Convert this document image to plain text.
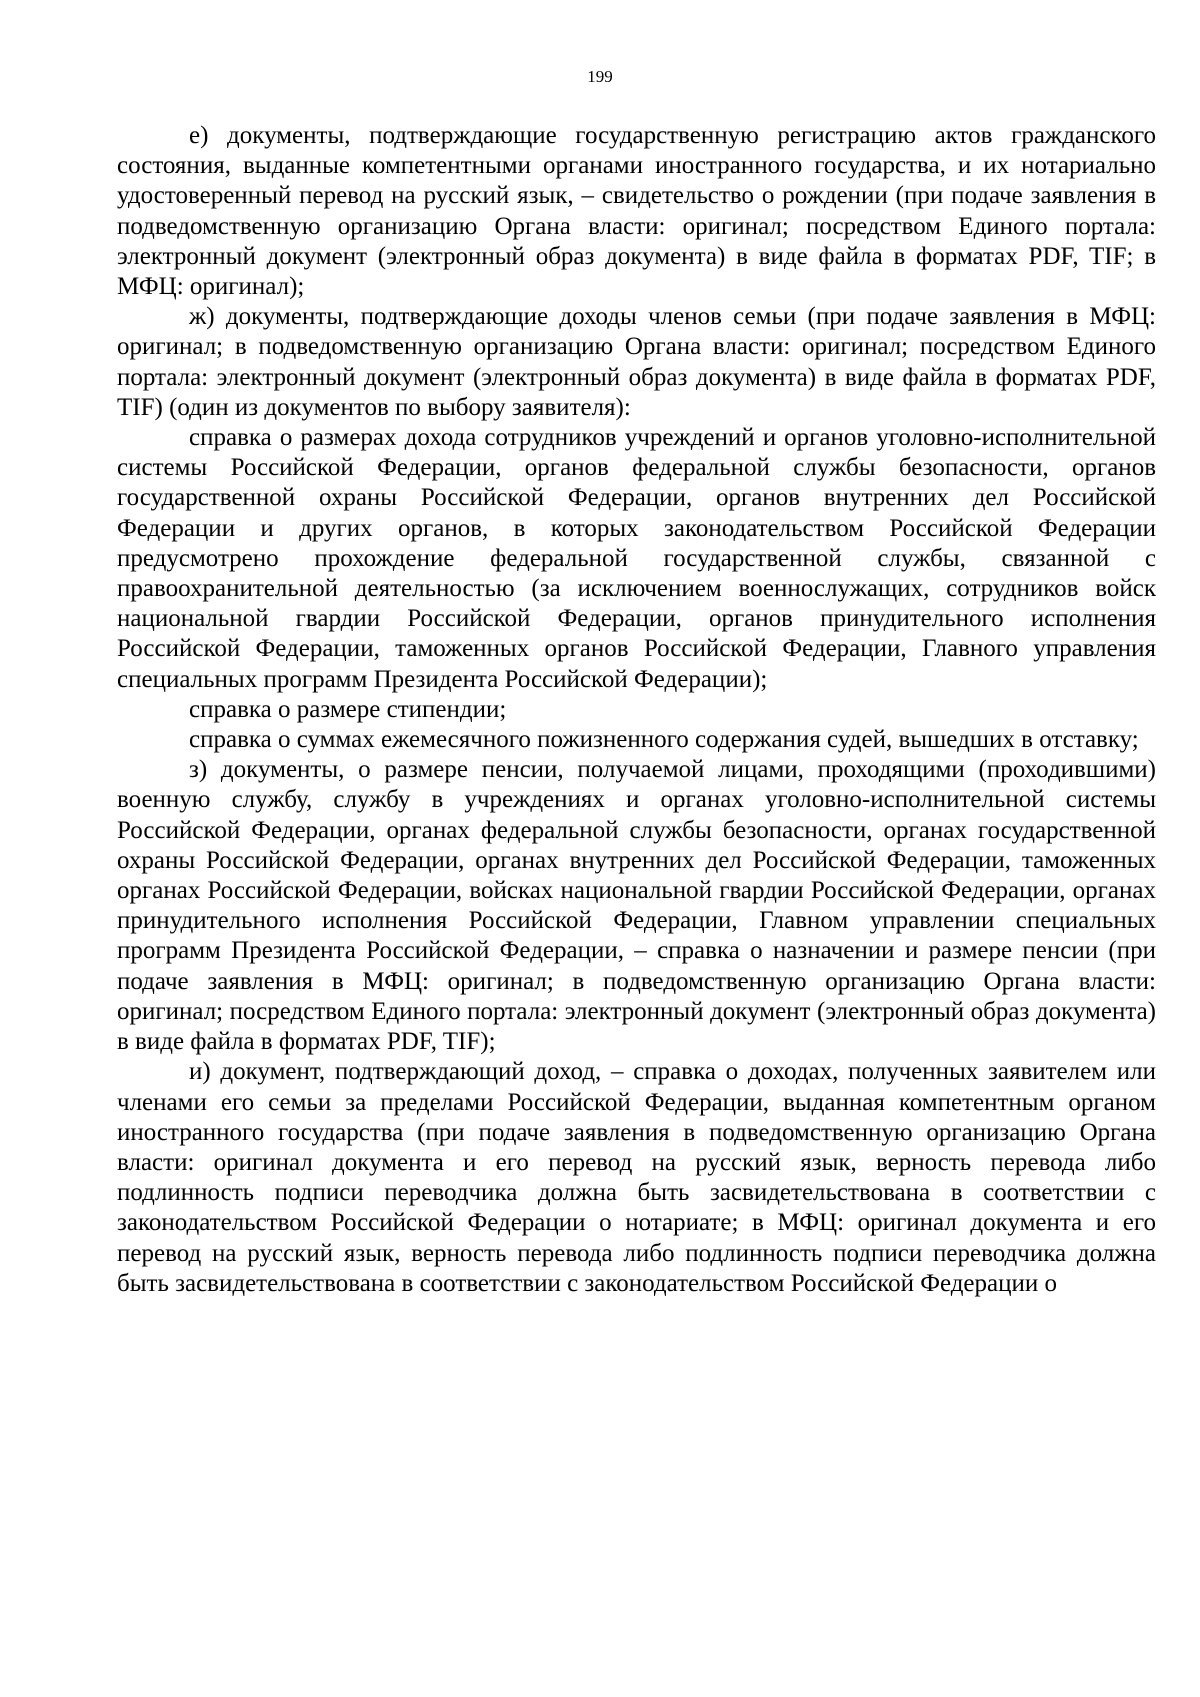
199

е) документы, подтверждающие государственную регистрацию актов гражданского состояния, выданные компетентными органами иностранного государства, и их нотариально удостоверенный перевод на русский язык, – свидетельство о рождении (при подаче заявления в подведомственную организацию Органа власти: оригинал; посредством Единого портала: электронный документ (электронный образ документа) в виде файла в форматах PDF, TIF; в МФЦ: оригинал);

ж) документы, подтверждающие доходы членов семьи (при подаче заявления в МФЦ: оригинал; в подведомственную организацию Органа власти: оригинал; посредством Единого портала: электронный документ (электронный образ документа) в виде файла в форматах PDF, TIF) (один из документов по выбору заявителя):

справка о размерах дохода сотрудников учреждений и органов уголовно-исполнительной системы Российской Федерации, органов федеральной службы безопасности, органов государственной охраны Российской Федерации, органов внутренних дел Российской Федерации и других органов, в которых законодательством Российской Федерации предусмотрено прохождение федеральной государственной службы, связанной с правоохранительной деятельностью (за исключением военнослужащих, сотрудников войск национальной гвардии Российской Федерации, органов принудительного исполнения Российской Федерации, таможенных органов Российской Федерации, Главного управления специальных программ Президента Российской Федерации);

справка о размере стипендии;

справка о суммах ежемесячного пожизненного содержания судей, вышедших в отставку;

з) документы, о размере пенсии, получаемой лицами, проходящими (проходившими) военную службу, службу в учреждениях и органах уголовно-исполнительной системы Российской Федерации, органах федеральной службы безопасности, органах государственной охраны Российской Федерации, органах внутренних дел Российской Федерации, таможенных органах Российской Федерации, войсках национальной гвардии Российской Федерации, органах принудительного исполнения Российской Федерации, Главном управлении специальных программ Президента Российской Федерации, – справка о назначении и размере пенсии (при подаче заявления в МФЦ: оригинал; в подведомственную организацию Органа власти: оригинал; посредством Единого портала: электронный документ (электронный образ документа) в виде файла в форматах PDF, TIF);

и) документ, подтверждающий доход, – справка о доходах, полученных заявителем или членами его семьи за пределами Российской Федерации, выданная компетентным органом иностранного государства (при подаче заявления в подведомственную организацию Органа власти: оригинал документа и его перевод на русский язык, верность перевода либо подлинность подписи переводчика должна быть засвидетельствована в соответствии с законодательством Российской Федерации о нотариате; в МФЦ: оригинал документа и его перевод на русский язык, верность перевода либо подлинность подписи переводчика должна быть засвидетельствована в соответствии с законодательством Российской Федерации о
